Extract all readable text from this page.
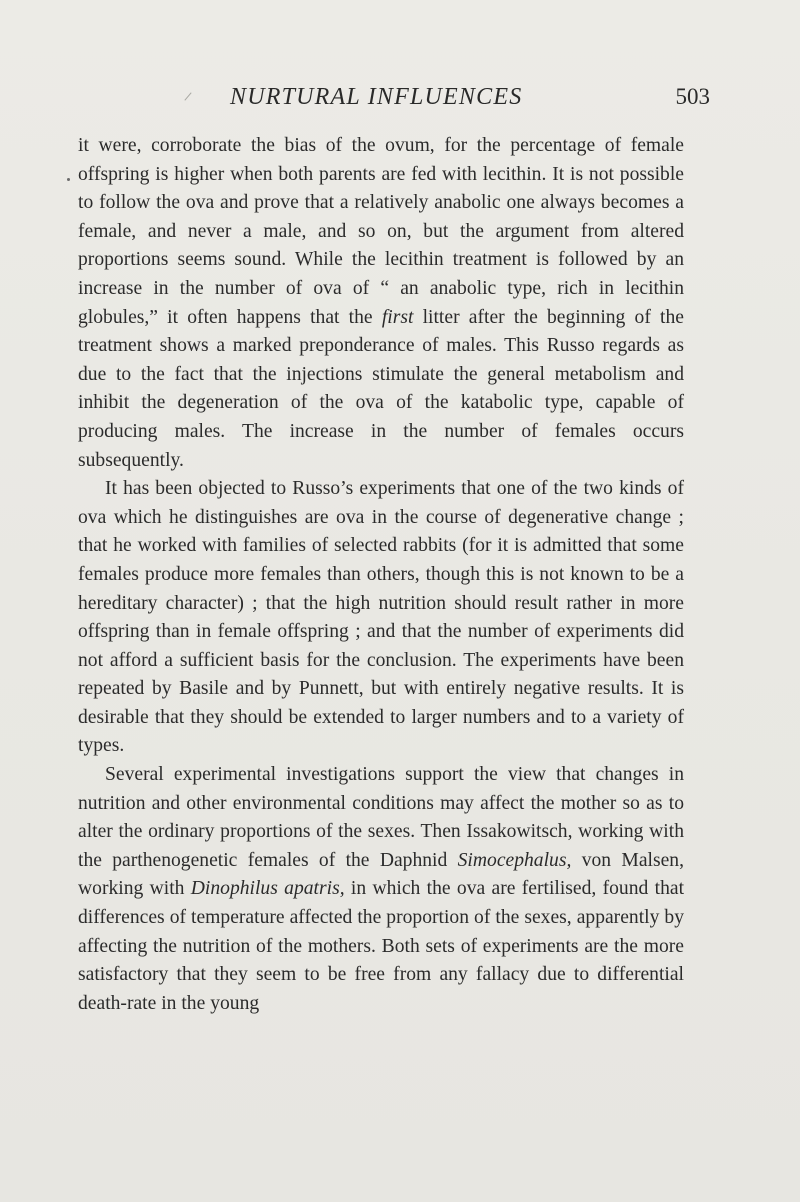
NURTURAL INFLUENCES	503

it were, corroborate the bias of the ovum, for the percentage of female offspring is higher when both parents are fed with lecithin. It is not possible to follow the ova and prove that a relatively anabolic one always becomes a female, and never a male, and so on, but the argument from altered proportions seems sound. While the lecithin treatment is followed by an increase in the number of ova of “ an anabolic type, rich in lecithin globules,” it often happens that the first litter after the beginning of the treatment shows a marked preponderance of males. This Russo regards as due to the fact that the injections stimulate the general metabolism and inhibit the degeneration of the ova of the katabolic type, capable of producing males. The increase in the number of females occurs subsequently.

It has been objected to Russo’s experiments that one of the two kinds of ova which he distinguishes are ova in the course of degenerative change ; that he worked with families of selected rabbits (for it is admitted that some females produce more females than others, though this is not known to be a hereditary character) ; that the high nutrition should result rather in more offspring than in female offspring ; and that the number of experiments did not afford a sufficient basis for the conclusion. The experiments have been repeated by Basile and by Punnett, but with entirely negative results. It is desirable that they should be extended to larger numbers and to a variety of types.

Several experimental investigations support the view that changes in nutrition and other environmental conditions may affect the mother so as to alter the ordinary proportions of the sexes. Then Issakowitsch, working with the parthenogenetic females of the Daphnid Simocephalus, von Malsen, working with Dinophilus apatris, in which the ova are fertilised, found that differences of temperature affected the proportion of the sexes, apparently by affecting the nutrition of the mothers. Both sets of experiments are the more satisfactory that they seem to be free from any fallacy due to differential death-rate in the young
